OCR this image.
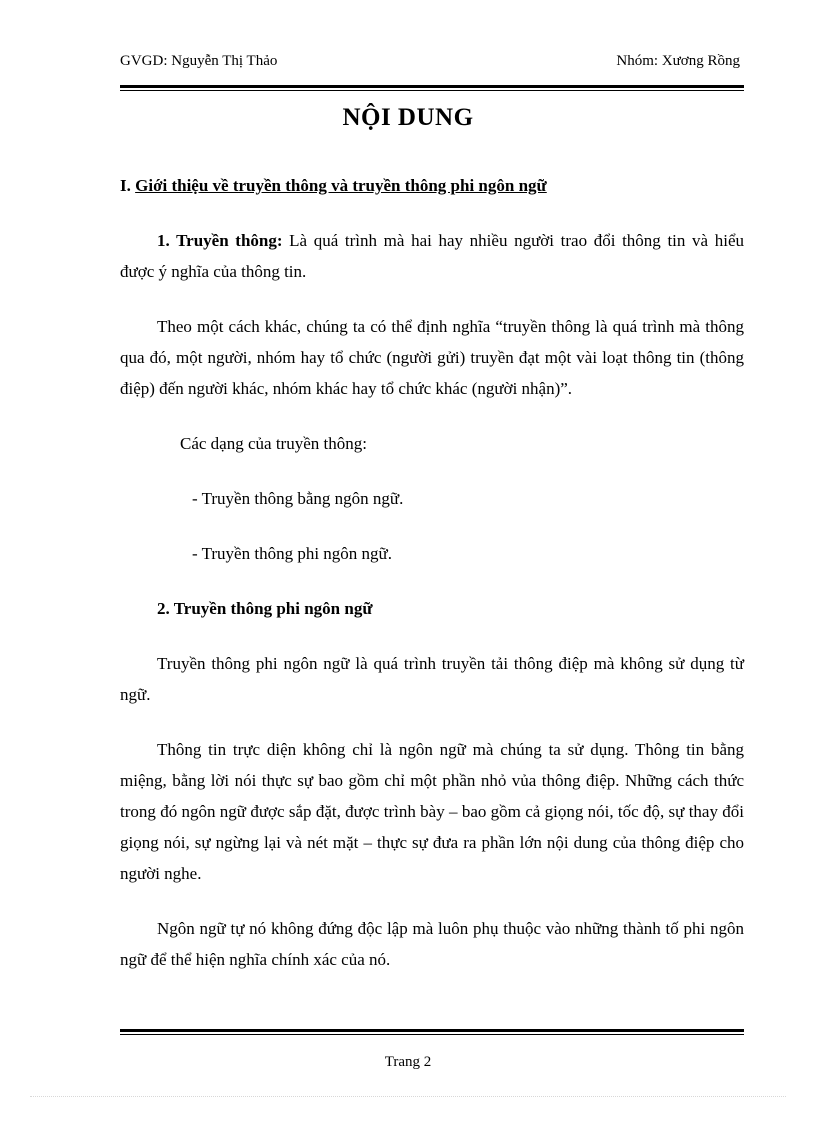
GVGD: Nguyễn Thị Thảo	Nhóm: Xương Rồng
NỘI DUNG
I. Giới thiệu về truyền thông và truyền thông phi ngôn ngữ
1. Truyền thông: Là quá trình mà hai hay nhiều người trao đổi thông tin và hiểu được ý nghĩa của thông tin.
Theo một cách khác, chúng ta có thể định nghĩa “truyền thông là quá trình mà thông qua đó, một người, nhóm hay tổ chức (người gửi) truyền đạt một vài loạt thông tin (thông điệp) đến người khác, nhóm khác hay tổ chức khác (người nhận)”.
Các dạng của truyền thông:
- Truyền thông bằng ngôn ngữ.
- Truyền thông phi ngôn ngữ.
2. Truyền thông phi ngôn ngữ
Truyền thông phi ngôn ngữ là quá trình truyền tải thông điệp mà không sử dụng từ ngữ.
Thông tin trực diện không chỉ là ngôn ngữ mà chúng ta sử dụng. Thông tin bằng miệng, bằng lời nói thực sự bao gồm chỉ một phần nhỏ vủa thông điệp. Những cách thức trong đó ngôn ngữ được sắp đặt, được trình bày – bao gồm cả giọng nói, tốc độ, sự thay đổi giọng nói, sự ngừng lại và nét mặt – thực sự đưa ra phần lớn nội dung của thông điệp cho người nghe.
Ngôn ngữ tự nó không đứng độc lập mà luôn phụ thuộc vào những thành tố phi ngôn ngữ để thể hiện nghĩa chính xác của nó.
Trang 2
